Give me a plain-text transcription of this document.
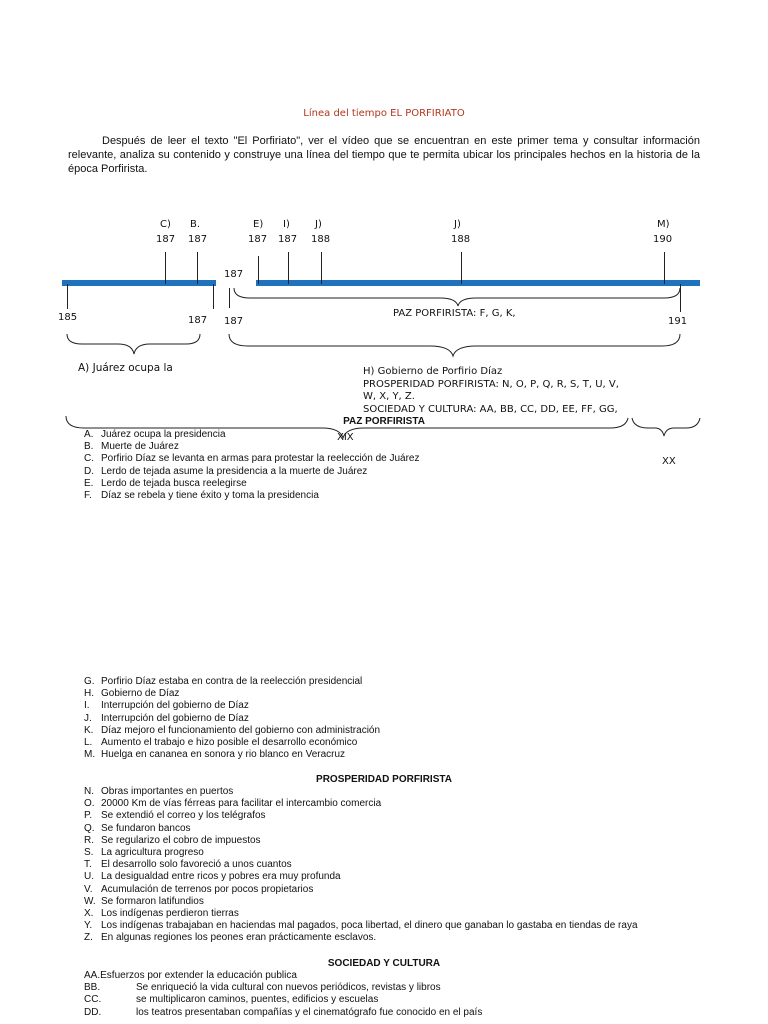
Línea del tiempo EL PORFIRIATO
Después de leer el texto "El Porfiriato", ver el vídeo que se encuentran en este primer tema y consultar información relevante, analiza su contenido y construye una línea del tiempo que te permita ubicar los principales hechos en la historia de la época Porfirista.
C)
187
B.
187
E)
187
I)
187
J)
188
J)
188
M)
190
187
185	187 187	191
PAZ PORFIRISTA: F, G, K,
A) Juárez ocupa la	H) Gobierno de Porfirio Díaz
PROSPERIDAD PORFIRISTA: N, O, P, Q, R, S, T, U, V,
W, X, Y, Z.
SOCIEDAD Y CULTURA: AA, BB, CC, DD, EE, FF, GG,
XIX
XX
PAZ PORFIRISTA
A. Juárez ocupa la presidencia
B. Muerte de Juárez
C. Porfirio Díaz se levanta en armas para protestar la reelección de Juárez
D. Lerdo de tejada asume la presidencia a la muerte de Juárez
E. Lerdo de tejada busca reelegirse
F. Díaz se rebela y tiene éxito y toma la presidencia
G. Porfirio Díaz estaba en contra de la reelección presidencial
H. Gobierno de Díaz
I. Interrupción del gobierno de Díaz
J. Interrupción del gobierno de Díaz
K. Díaz mejoro el funcionamiento del gobierno con administración
L. Aumento el trabajo e hizo posible el desarrollo económico
M. Huelga en cananea en sonora y rio blanco en Veracruz
PROSPERIDAD PORFIRISTA
N. Obras importantes en puertos
O. 20000 Km de vías férreas para facilitar el intercambio comercia
P. Se extendió el correo y los telégrafos
Q. Se fundaron bancos
R. Se regularizo el cobro de impuestos
S. La agricultura progreso
T. El desarrollo solo favoreció a unos cuantos
U. La desigualdad entre ricos y pobres era muy profunda
V. Acumulación de terrenos por pocos propietarios
W. Se formaron latifundios
X. Los indígenas perdieron tierras
Y. Los indígenas trabajaban en haciendas mal pagados, poca libertad, el dinero que ganaban lo gastaba en tiendas de raya
Z. En algunas regiones los peones eran prácticamente esclavos.
SOCIEDAD Y CULTURA
AA.Esfuerzos por extender la educación publica
BB.	Se enriqueció la vida cultural con nuevos periódicos, revistas y libros
CC.	se multiplicaron caminos, puentes, edificios y escuelas
DD.	los teatros presentaban compañías y el cinematógrafo fue conocido en el país
